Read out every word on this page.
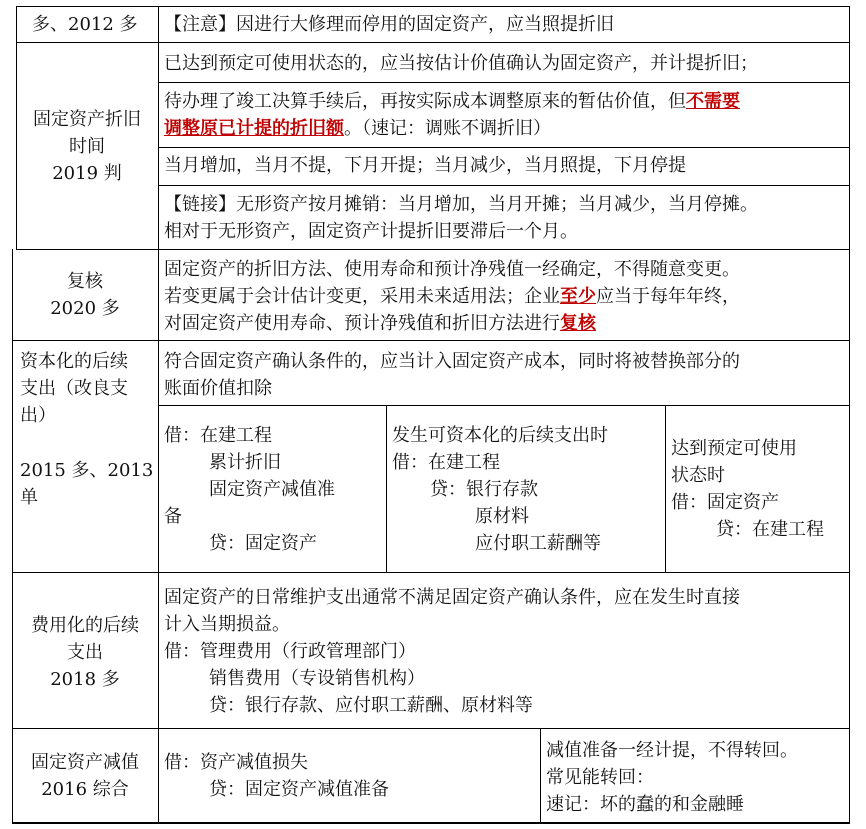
多、2012 多 【注意】因进行大修理而停用的固定资产，应当照提折旧
固定资产折旧
时间
2019 判
已达到预定可使用状态的，应当按估计价值确认为固定资产，并计提折旧；
待办理了竣工决算手续后，再按实际成本调整原来的暂估价值，但不需要
调整原已计提的折旧额。（速记：调账不调折旧）
当月增加，当月不提，下月开提；当月减少，当月照提，下月停提
【链接】无形资产按月摊销：当月增加，当月开摊；当月减少，当月停摊。
相对于无形资产，固定资产计提折旧要滞后一个月。
复核
2020 多
固定资产的折旧方法、使用寿命和预计净残值一经确定，不得随意变更。
若变更属于会计估计变更，采用未来适用法；企业至少应当于每年年终，
对固定资产使用寿命、预计净残值和折旧方法进行复核
资本化的后续
支出（改良支
出）
2015 多、2013
单
符合固定资产确认条件的，应当计入固定资产成本，同时将被替换部分的
账面价值扣除
借：在建工程
累计折旧
固定资产减值准
备
贷：固定资产
发生可资本化的后续支出时
借：在建工程
贷：银行存款
原材料
应付职工薪酬等
达到预定可使用
状态时
借：固定资产
贷：在建工程
费用化的后续
支出
2018 多
固定资产的日常维护支出通常不满足固定资产确认条件，应在发生时直接
计入当期损益。
借：管理费用（行政管理部门）
销售费用（专设销售机构）
贷：银行存款、应付职工薪酬、原材料等
固定资产减值
2016 综合
借：资产减值损失
贷：固定资产减值准备
减值准备一经计提，不得转回。
常见能转回：
速记：坏的蠢的和金融睡
